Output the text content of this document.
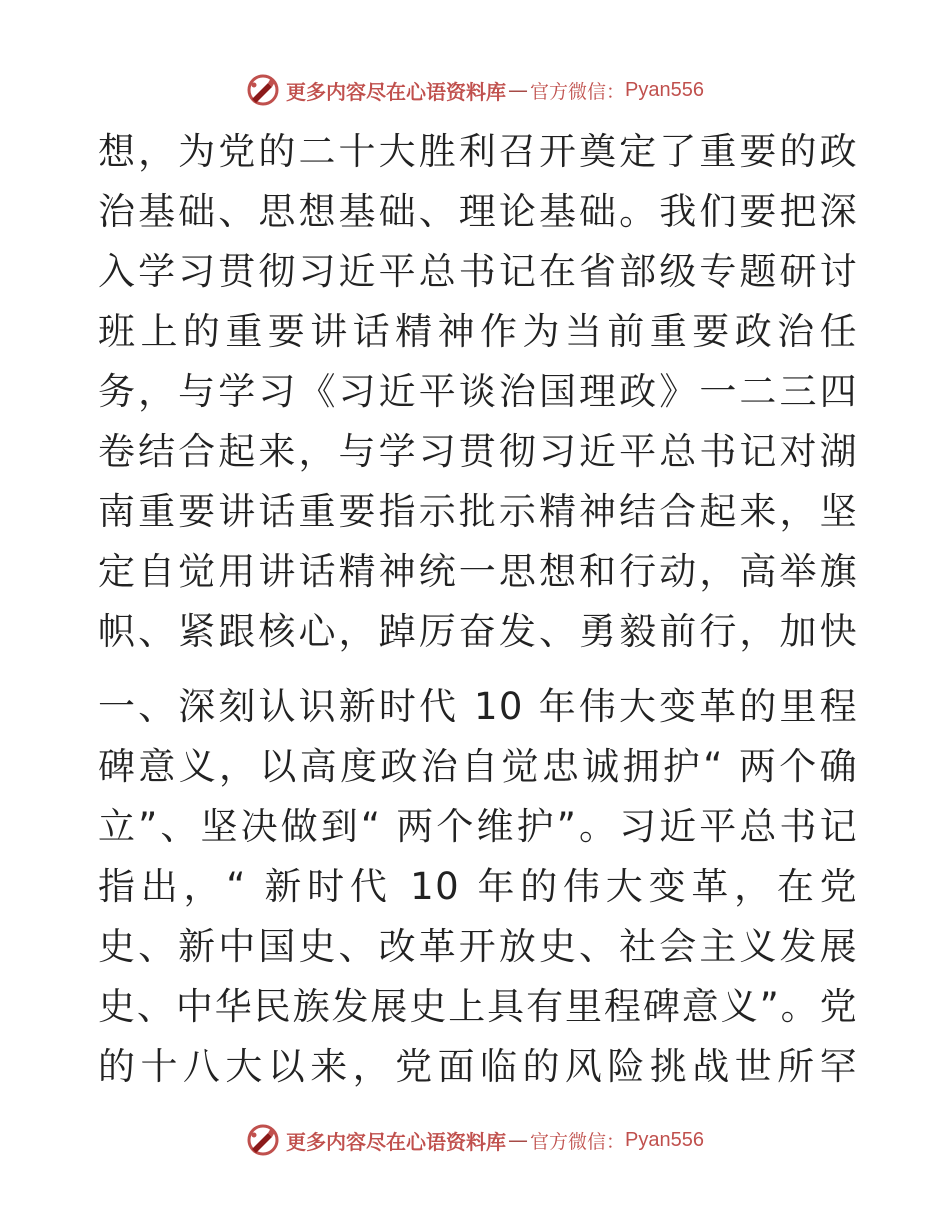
更多内容尽在心语资料库 — 官方微信： Pyan556

想，为党的二十大胜利召开奠定了重要的政治基础、思想基础、理论基础。我们要把深入学习贯彻习近平总书记在省部级专题研讨班上的重要讲话精神作为当前重要政治任务，与学习《习近平谈治国理政》一二三四卷结合起来，与学习贯彻习近平总书记对湖南重要讲话重要指示批示精神结合起来，坚定自觉用讲话精神统一思想和行动，高举旗帜、紧跟核心，踔厉奋发、勇毅前行，加快

一、深刻认识新时代 10 年伟大变革的里程碑意义，以高度政治自觉忠诚拥护“ 两个确立”、坚决做到“ 两个维护”。习近平总书记指出，“ 新时代 10 年的伟大变革，在党史、新中国史、改革开放史、社会主义发展史、中华民族发展史上具有里程碑意义”。党的十八大以来，党面临的风险挑战世所罕

更多内容尽在心语资料库 — 官方微信： Pyan556
